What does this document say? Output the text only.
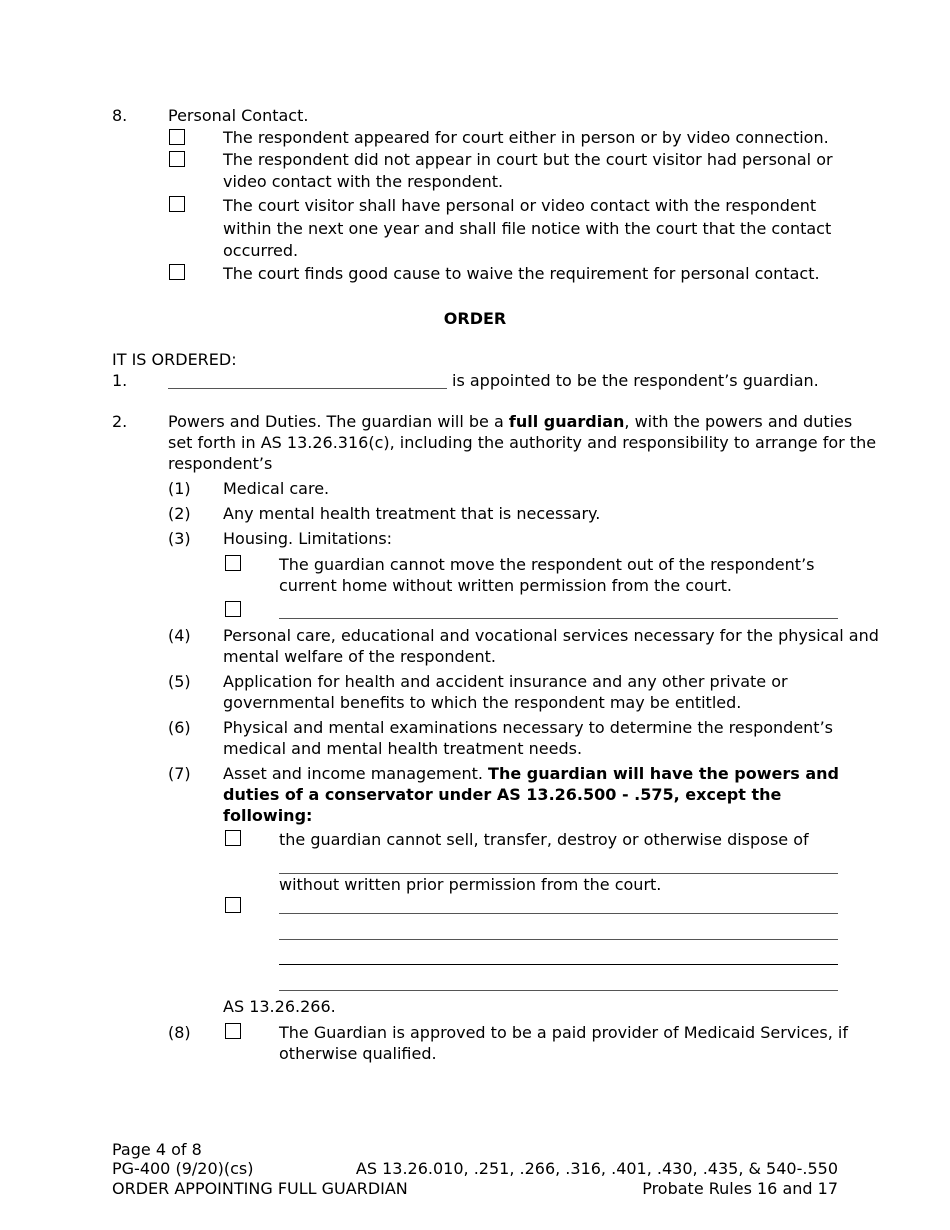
8.	Personal Contact.
The respondent appeared for court either in person or by video connection.
The respondent did not appear in court but the court visitor had personal or
video contact with the respondent.
The court visitor shall have personal or video contact with the respondent
within the next one year and shall file notice with the court that the contact
occurred.
The court finds good cause to waive the requirement for personal contact.
ORDER
IT IS ORDERED:
1.	is appointed to be the respondent’s guardian.
2.	Powers and Duties. The guardian will be a full guardian, with the powers and duties
set forth in AS 13.26.316(c), including the authority and responsibility to arrange for the
respondent’s
(1) Medical care.
(2) Any mental health treatment that is necessary.
(3) Housing. Limitations:
The guardian cannot move the respondent out of the respondent’s
current home without written permission from the court.
(4) Personal care, educational and vocational services necessary for the physical and
mental welfare of the respondent.
(5) Application for health and accident insurance and any other private or
governmental benefits to which the respondent may be entitled.
(6) Physical and mental examinations necessary to determine the respondent’s
medical and mental health treatment needs.
(7) Asset and income management. The guardian will have the powers and
duties of a conservator under AS 13.26.500 - .575, except the
following:
the guardian cannot sell, transfer, destroy or otherwise dispose of
without written prior permission from the court.
AS 13.26.266.
(8)	The Guardian is approved to be a paid provider of Medicaid Services, if
otherwise qualified.
Page 4 of 8
PG-400 (9/20)(cs)
ORDER APPOINTING FULL GUARDIAN
AS 13.26.010, .251, .266, .316, .401, .430, .435, & 540-.550
Probate Rules 16 and 17
